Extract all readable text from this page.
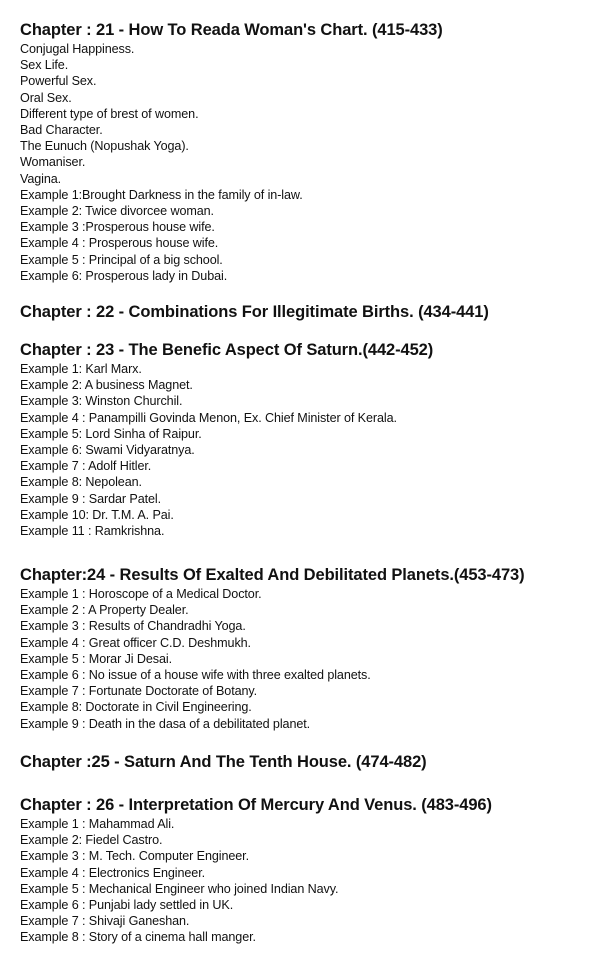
Chapter : 21 - How To Reada Woman's Chart. (415-433)
Conjugal Happiness.
Sex Life.
Powerful Sex.
Oral Sex.
Different type of brest of women.
Bad Character.
The Eunuch (Nopushak Yoga).
Womaniser.
Vagina.
Example 1:Brought Darkness in the family of in-law.
Example 2: Twice divorcee woman.
Example 3 :Prosperous house wife.
Example 4 : Prosperous house wife.
Example 5 : Principal of a big school.
Example 6: Prosperous lady in Dubai.
Chapter : 22 - Combinations For Illegitimate Births. (434-441)
Chapter : 23 - The Benefic Aspect Of Saturn.(442-452)
Example 1: Karl Marx.
Example 2: A business Magnet.
Example 3: Winston Churchil.
Example 4 : Panampilli Govinda Menon, Ex. Chief Minister of Kerala.
Example 5: Lord Sinha of Raipur.
Example 6: Swami Vidyaratnya.
Example 7 : Adolf Hitler.
Example 8: Nepolean.
Example 9 : Sardar Patel.
Example 10: Dr. T.M. A. Pai.
Example 11 : Ramkrishna.
Chapter:24 - Results Of Exalted And Debilitated Planets.(453-473)
Example 1 : Horoscope of a Medical Doctor.
Example 2 : A Property Dealer.
Example 3 : Results of Chandradhi Yoga.
Example 4 : Great officer C.D. Deshmukh.
Example 5 : Morar Ji Desai.
Example 6 : No issue of a house wife with three exalted planets.
Example 7 : Fortunate Doctorate of Botany.
Example 8: Doctorate in Civil Engineering.
Example 9 : Death in the dasa of a debilitated planet.
Chapter :25 - Saturn And The Tenth House. (474-482)
Chapter : 26 - Interpretation Of Mercury And Venus. (483-496)
Example 1 : Mahammad Ali.
Example 2: Fiedel Castro.
Example 3 : M. Tech. Computer Engineer.
Example 4 : Electronics Engineer.
Example 5 : Mechanical Engineer who joined Indian Navy.
Example 6 : Punjabi lady settled in UK.
Example 7 : Shivaji Ganeshan.
Example 8 : Story of a cinema hall manger.
